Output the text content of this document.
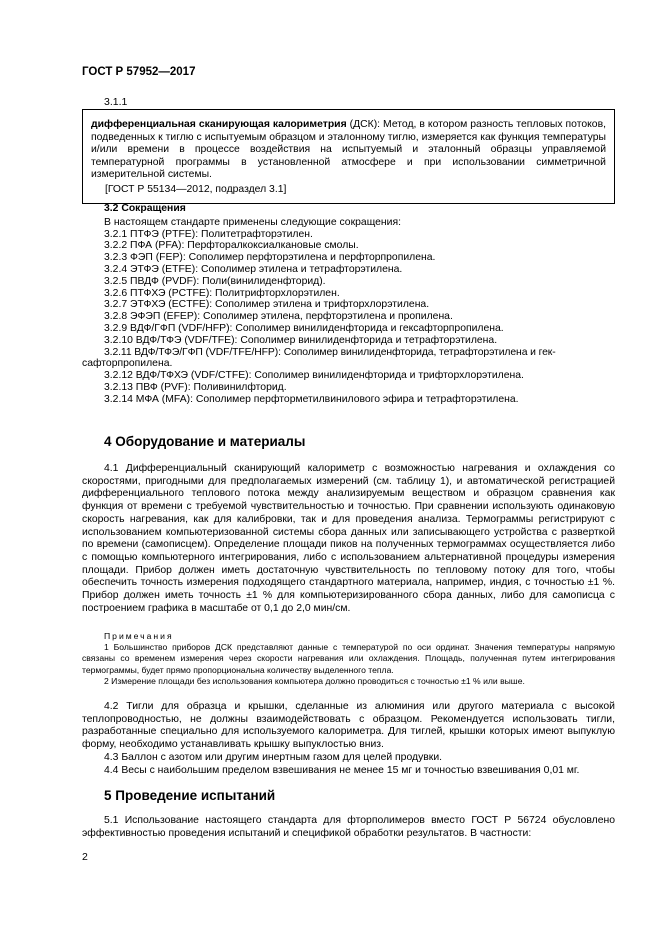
ГОСТ Р 57952—2017
3.1.1
дифференциальная сканирующая калориметрия (ДСК): Метод, в котором разность тепловых потоков, подведенных к тиглю с испытуемым образцом и эталонному тиглю, измеряется как функция температуры и/или времени в процессе воздействия на испытуемый и эталонный образцы управляемой температурной программы в установленной атмосфере и при использовании симметричной измерительной системы.
[ГОСТ Р 55134—2012, подраздел 3.1]
3.2 Сокращения
В настоящем стандарте применены следующие сокращения:
3.2.1 ПТФЭ (PTFE): Политетрафторэтилен.
3.2.2 ПФА (PFA): Перфторалкоксиалкановые смолы.
3.2.3 ФЭП (FEP): Сополимер перфторэтилена и перфторпропилена.
3.2.4 ЭТФЭ (ETFE): Сополимер этилена и тетрафторэтилена.
3.2.5 ПВДФ (PVDF): Поли(винилиденфторид).
3.2.6 ПТФХЭ (PCTFE): Политрифторхлорэтилен.
3.2.7 ЭТФХЭ (ECTFE): Сополимер этилена и трифторхлорэтилена.
3.2.8 ЭФЭП (EFEP): Сополимер этилена, перфторэтилена и пропилена.
3.2.9 ВДФ/ГФП (VDF/HFP): Сополимер винилиденфторида и гексафторпропилена.
3.2.10 ВДФ/ТФЭ (VDF/TFE): Сополимер винилиденфторида и тетрафторэтилена.
3.2.11 ВДФ/ТФЭ/ГФП (VDF/TFE/HFP): Сополимер винилиденфторида, тетрафторэтилена и гек-
сафторпропилена.
3.2.12 ВДФ/ТФХЭ (VDF/CTFE): Сополимер винилиденфторида и трифторхлорэтилена.
3.2.13 ПВФ (PVF): Поливинилфторид.
3.2.14 МФА (MFA): Сополимер перфторметилвинилового эфира и тетрафторэтилена.
4 Оборудование и материалы

4.1 Дифференциальный сканирующий калориметр с возможностью нагревания и охлаждения со скоростями, пригодными для предполагаемых измерений (см. таблицу 1), и автоматической регистрацией дифференциального теплового потока между анализируемым веществом и образцом сравнения как функция от времени с требуемой чувствительностью и точностью. При сравнении использують одинаковую скорость нагревания, как для калибровки, так и для проведения анализа. Термограммы регистрируют с использованием компьютеризованной системы сбора данных или записывающего устройства с разверткой по времени (самописцем). Определение площади пиков на полученных термограммах осуществляется либо с помощью компьютерного интегрирования, либо с использованием альтернативной процедуры измерения площади. Прибор должен иметь достаточную чувствительность по тепловому потоку для того, чтобы обеспечить точность измерения подходящего стандартного материала, например, индия, с точностью ±1 %. Прибор должен иметь точность ±1 % для компьютеризированного сбора данных, либо для самописца с построением графика в масштабе от 0,1 до 2,0 мин/см.

Примечания

1 Большинство приборов ДСК представляют данные с температурой по оси ординат. Значения температуры напрямую связаны со временем измерения через скорости нагревания или охлаждения. Площадь, полученная путем интегрирования термограммы, будет прямо пропорциональна количеству выделенного тепла.

2 Измерение площади без использования компьютера должно проводиться с точностью ±1 % или выше.

4.2 Тигли для образца и крышки, сделанные из алюминия или другого материала с высокой теплопроводностью, не должны взаимодействовать с образцом. Рекомендуется использовать тигли, разработанные специально для используемого калориметра. Для тиглей, крышки которых имеют выпуклую форму, необходимо устанавливать крышку выпуклостью вниз.

4.3 Баллон с азотом или другим инертным газом для целей продувки.

4.4 Весы с наибольшим пределом взвешивания не менее 15 мг и точностью взвешивания 0,01 мг.

5 Проведение испытаний

5.1 Использование настоящего стандарта для фторполимеров вместо ГОСТ Р 56724 обусловлено эффективностью проведения испытаний и спецификой обработки результатов. В частности:

2
